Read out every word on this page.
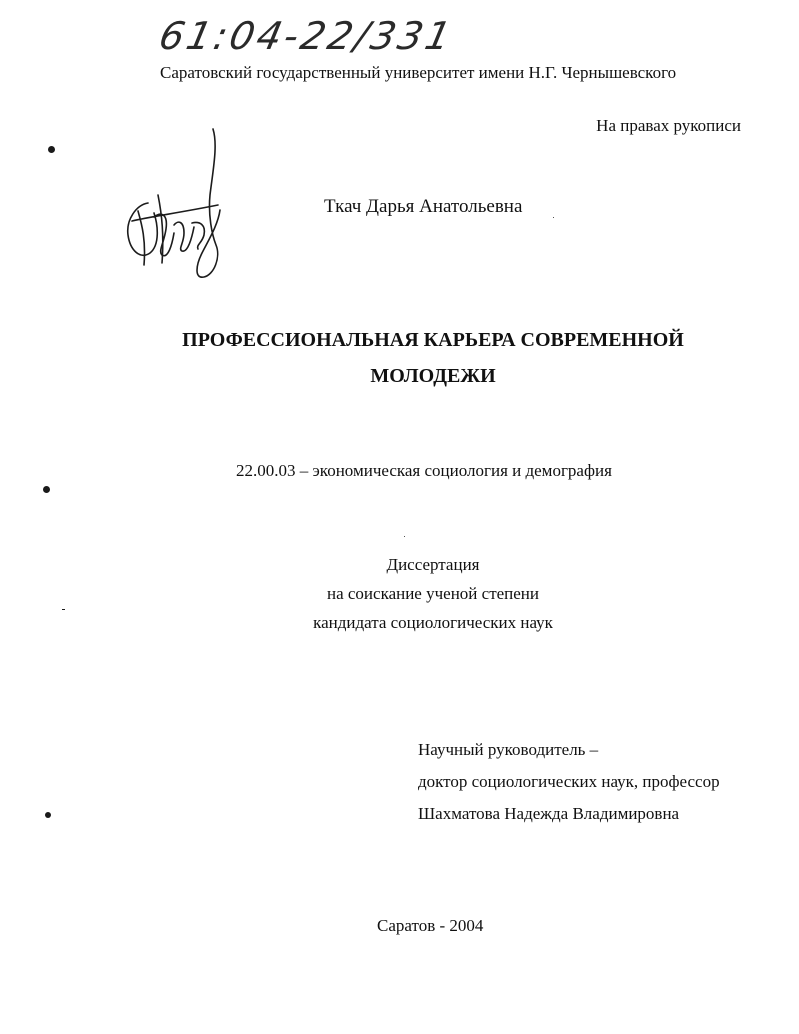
61:04-22/331
Саратовский государственный университет имени Н.Г. Чернышевского
На правах рукописи
Ткач Дарья Анатольевна
ПРОФЕССИОНАЛЬНАЯ КАРЬЕРА СОВРЕМЕННОЙ
МОЛОДЕЖИ
22.00.03 – экономическая социология и демография
Диссертация
на соискание ученой степени
кандидата социологических наук
Научный руководитель –
доктор социологических наук, профессор
Шахматова Надежда Владимировна
Саратов - 2004
